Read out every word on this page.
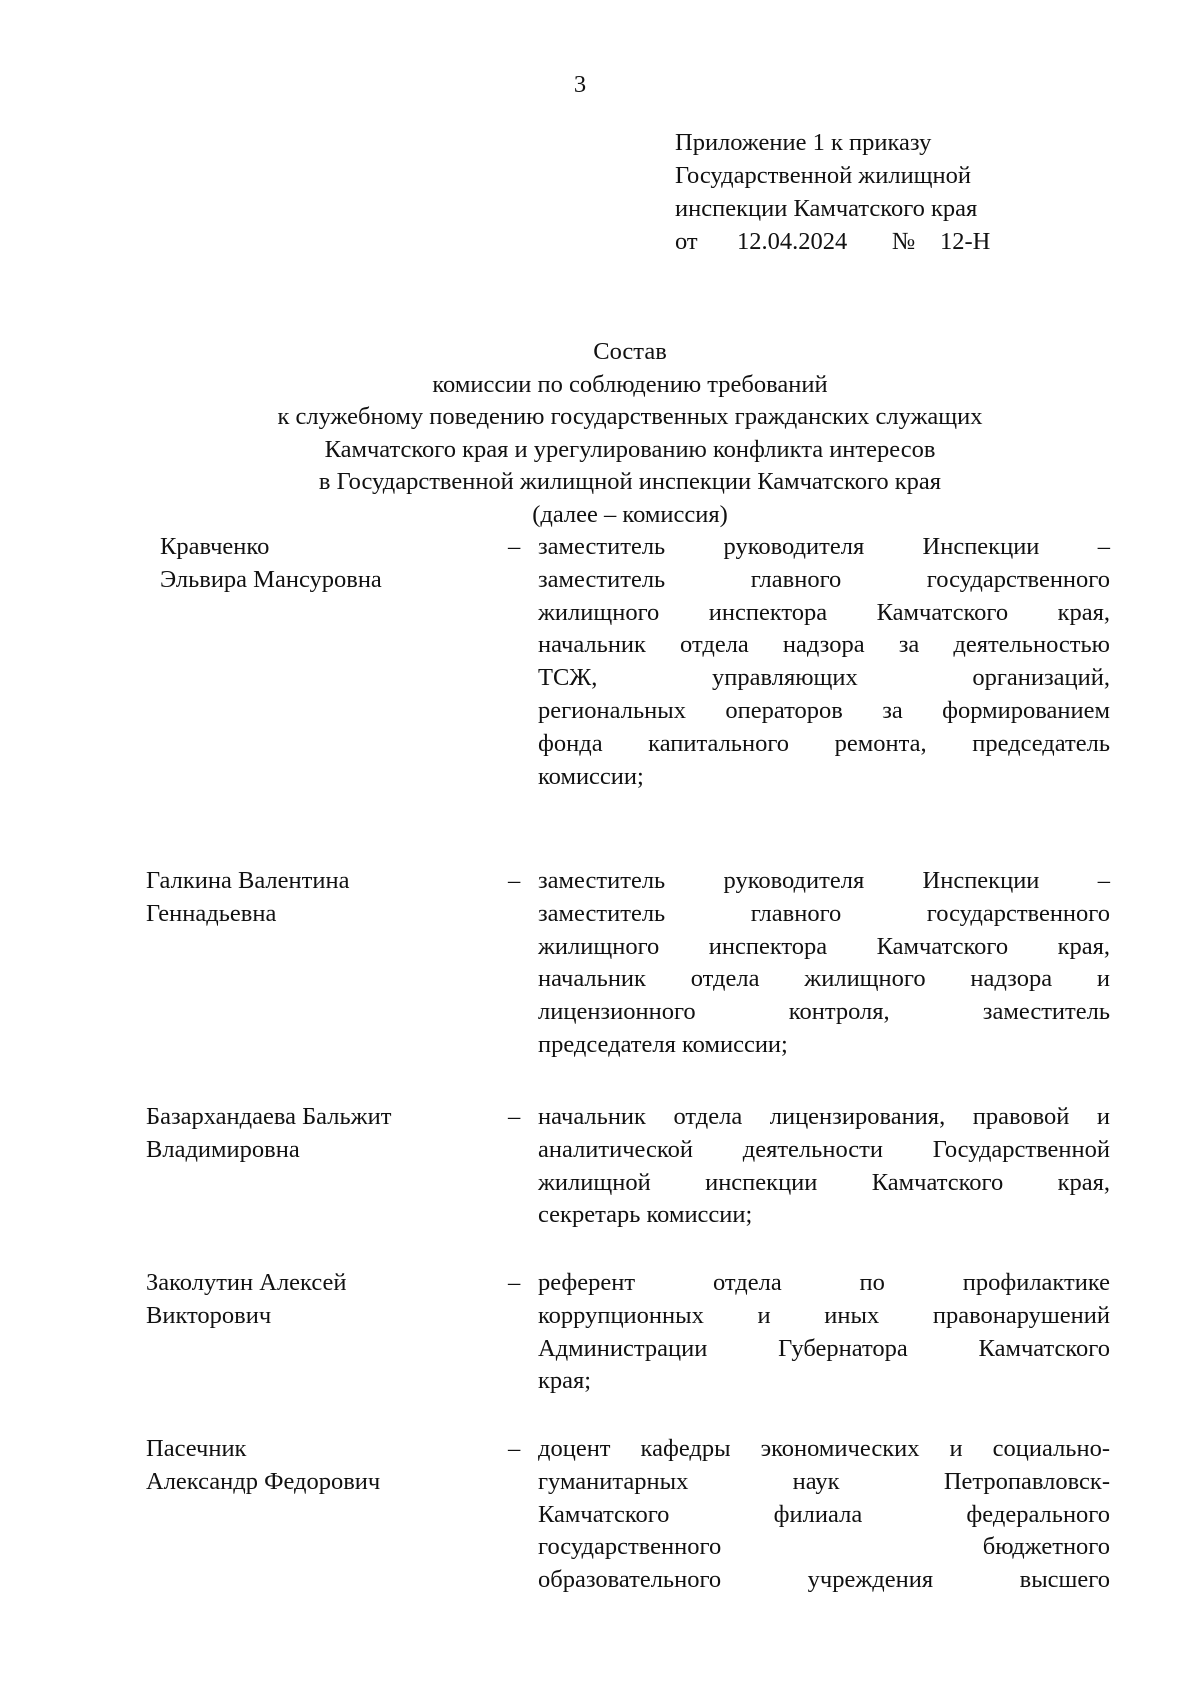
3
Приложение 1 к приказу
Государственной жилищной
инспекции Камчатского края
от 12.04.2024 № 12-Н
Состав
комиссии по соблюдению требований
к служебному поведению государственных гражданских служащих
Камчатского края и урегулированию конфликта интересов
в Государственной жилищной инспекции Камчатского края
(далее – комиссия)
Кравченко
Эльвира Мансуровна
– заместитель руководителя Инспекции –
заместитель главного государственного
жилищного инспектора Камчатского края,
начальник отдела надзора за деятельностью
ТСЖ, управляющих организаций,
региональных операторов за формированием
фонда капитального ремонта, председатель
комиссии;
Галкина Валентина
Геннадьевна
– заместитель руководителя Инспекции –
заместитель главного государственного
жилищного инспектора Камчатского края,
начальник отдела жилищного надзора и
лицензионного контроля, заместитель
председателя комиссии;
Базархандаева Бальжит
Владимировна
– начальник отдела лицензирования, правовой и
аналитической деятельности Государственной
жилищной инспекции Камчатского края,
секретарь комиссии;
Заколутин Алексей
Викторович
– референт отдела по профилактике
коррупционных и иных правонарушений
Администрации Губернатора Камчатского
края;
Пасечник
Александр Федорович
– доцент кафедры экономических и социально-
гуманитарных наук Петропавловск-
Камчатского филиала федерального
государственного бюджетного
образовательного учреждения высшего
